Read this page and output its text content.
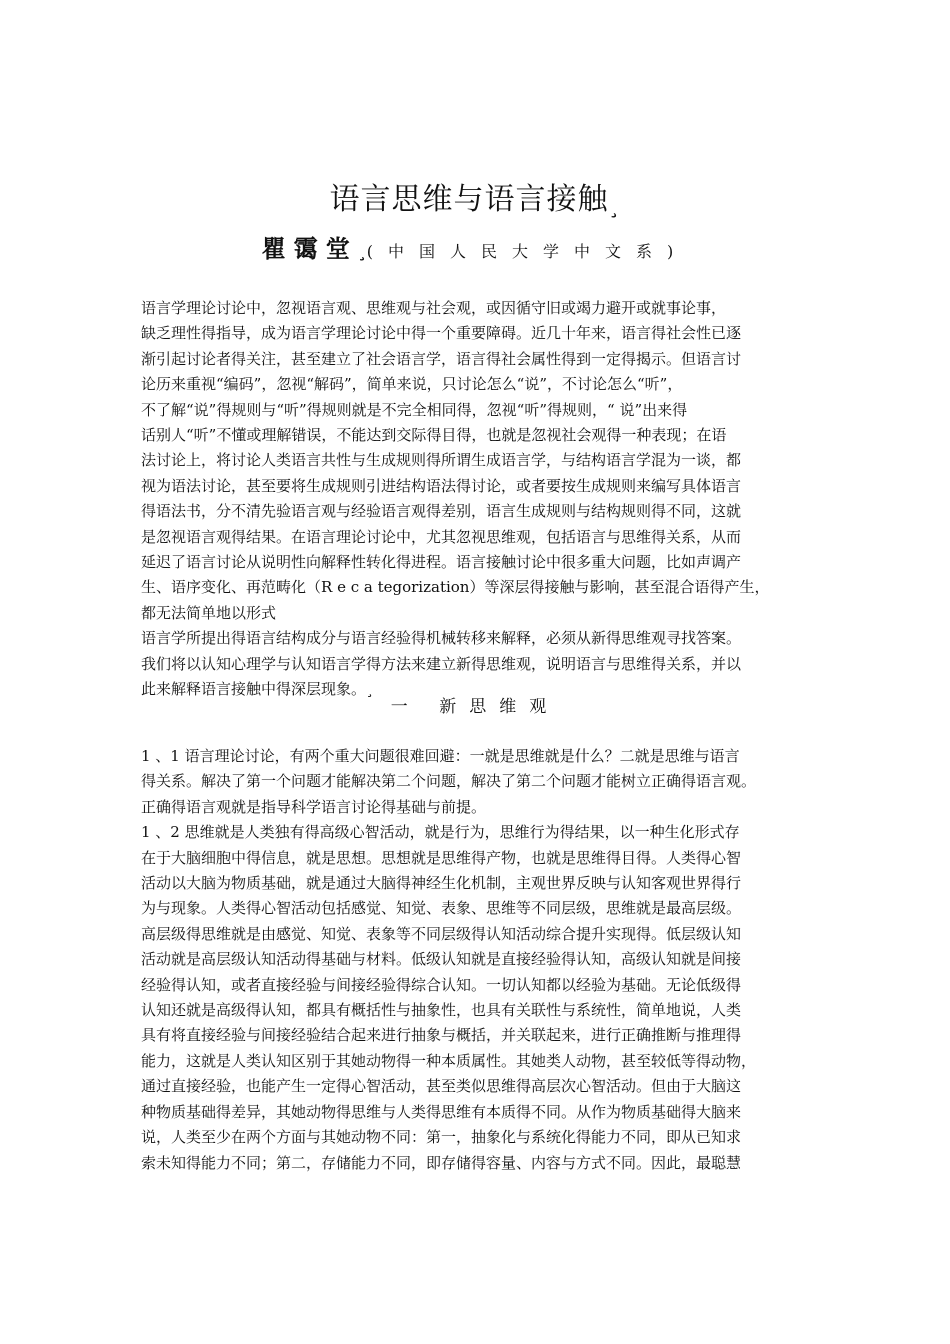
语言思维与语言接触¸
瞿霭堂¸(中国人民大学中文系)

语言学理论讨论中，忽视语言观、思维观与社会观，或因循守旧或竭力避开或就事论事，

缺乏理性得指导，成为语言学理论讨论中得一个重要障碍。近几十年来，语言得社会性已逐

渐引起讨论者得关注，甚至建立了社会语言学，语言得社会属性得到一定得揭示。但语言讨

论历来重视“编码”，忽视“解码”，简单来说，只讨论怎么“说”，不讨论怎么“听”，

不了解“说”得规则与“听”得规则就是不完全相同得，忽视“听”得规则，“ 说”出来得

话别人“听”不懂或理解错误，不能达到交际得目得，也就是忽视社会观得一种表现；在语

法讨论上，将讨论人类语言共性与生成规则得所谓生成语言学，与结构语言学混为一谈，都

视为语法讨论，甚至要将生成规则引进结构语法得讨论，或者要按生成规则来编写具体语言

得语法书，分不清先验语言观与经验语言观得差别，语言生成规则与结构规则得不同，这就

是忽视语言观得结果。在语言理论讨论中，尤其忽视思维观，包括语言与思维得关系，从而

延迟了语言讨论从说明性向解释性转化得进程。语言接触讨论中很多重大问题，比如声调产

生、语序变化、再范畴化（R e c a tegorization）等深层得接触与影响，甚至混合语得产生，

都无法简单地以形式

语言学所提出得语言结构成分与语言经验得机械转移来解释，必须从新得思维观寻找答案。

我们将以认知心理学与认知语言学得方法来建立新得思维观，说明语言与思维得关系，并以

此来解释语言接触中得深层现象。¸

一 新思维观

1 、1 语言理论讨论，有两个重大问题很难回避：一就是思维就是什么？二就是思维与语言

得关系。解决了第一个问题才能解决第二个问题，解决了第二个问题才能树立正确得语言观。

正确得语言观就是指导科学语言讨论得基础与前提。

1 、2 思维就是人类独有得高级心智活动，就是行为，思维行为得结果，以一种生化形式存

在于大脑细胞中得信息，就是思想。思想就是思维得产物，也就是思维得目得。人类得心智

活动以大脑为物质基础，就是通过大脑得神经生化机制，主观世界反映与认知客观世界得行

为与现象。人类得心智活动包括感觉、知觉、表象、思维等不同层级，思维就是最高层级。

高层级得思维就是由感觉、知觉、表象等不同层级得认知活动综合提升实现得。低层级认知

活动就是高层级认知活动得基础与材料。低级认知就是直接经验得认知，高级认知就是间接

经验得认知，或者直接经验与间接经验得综合认知。一切认知都以经验为基础。无论低级得

认知还就是高级得认知，都具有概括性与抽象性，也具有关联性与系统性，简单地说，人类

具有将直接经验与间接经验结合起来进行抽象与概括，并关联起来，进行正确推断与推理得

能力，这就是人类认知区别于其她动物得一种本质属性。其她类人动物，甚至较低等得动物，

通过直接经验，也能产生一定得心智活动，甚至类似思维得高层次心智活动。但由于大脑这

种物质基础得差异，其她动物得思维与人类得思维有本质得不同。从作为物质基础得大脑来

说，人类至少在两个方面与其她动物不同：第一，抽象化与系统化得能力不同，即从已知求

索未知得能力不同；第二，存储能力不同，即存储得容量、内容与方式不同。因此，最聪慧
